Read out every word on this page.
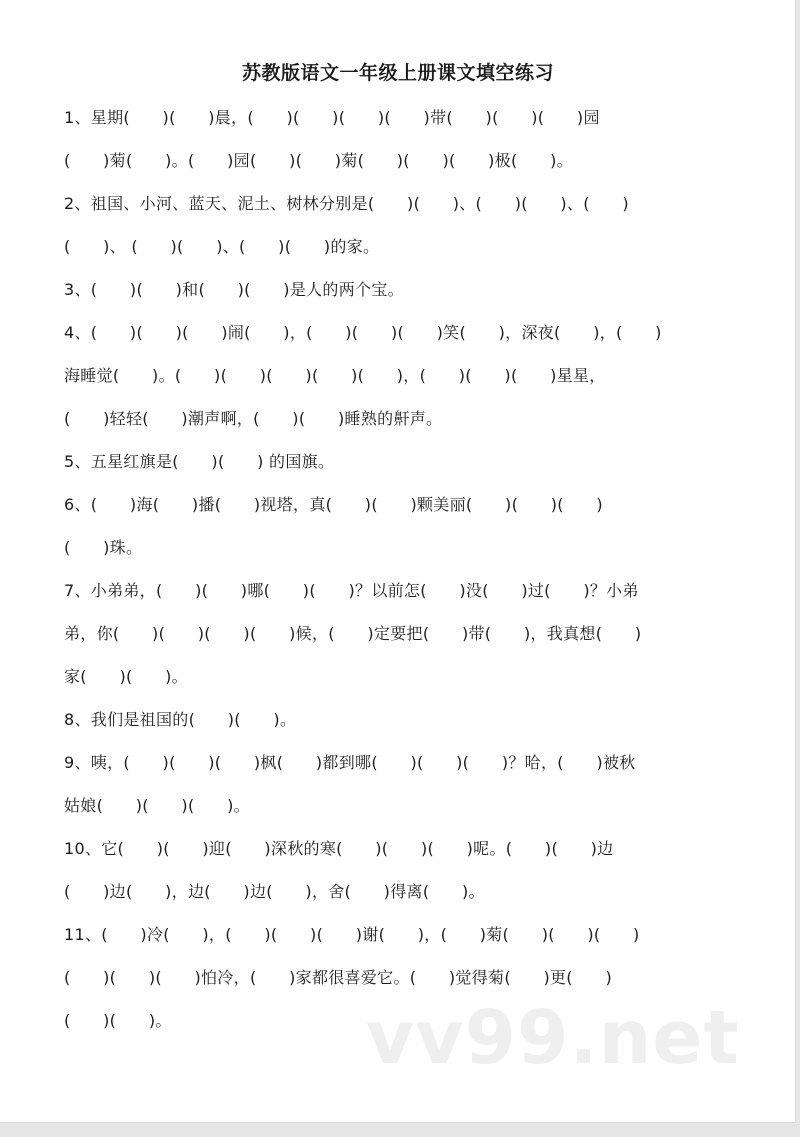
苏教版语文一年级上册课文填空练习
1、星期(　　)(　　)晨，(　　)(　　)(　　)(　　)带(　　)(　　)(　　)园
(　　)菊(　　)。(　　)园(　　)(　　)菊(　　)(　　)(　　)极(　　)。
2、祖国、小河、蓝天、泥土、树林分别是(　　)(　　)、(　　)(　　)、(　　)
(　　)、 (　　)(　　)、(　　)(　　)的家。
3、(　　)(　　)和(　　)(　　)是人的两个宝。
4、(　　)(　　)(　　)闹(　　)，(　　)(　　)(　　)笑(　　)，深夜(　　)，(　　)
海睡觉(　　)。(　　)(　　)(　　)(　　)(　　)，(　　)(　　)(　　)星星，
(　　)轻轻(　　)潮声啊，(　　)(　　)睡熟的鼾声。
5、五星红旗是(　　)(　　) 的国旗。
6、(　　)海(　　)播(　　)视塔，真(　　)(　　)颗美丽(　　)(　　)(　　)
(　　)珠。
7、小弟弟，(　　)(　　)哪(　　)(　　)？以前怎(　　)没(　　)过(　　)？小弟
弟，你(　　)(　　)(　　)(　　)候，(　　)定要把(　　)带(　　)，我真想(　　)
家(　　)(　　)。
8、我们是祖国的(　　)(　　)。
9、咦，(　　)(　　)(　　)枫(　　)都到哪(　　)(　　)(　　)？哈，(　　)被秋
姑娘(　　)(　　)(　　)。
10、它(　　)(　　)迎(　　)深秋的寒(　　)(　　)(　　)呢。(　　)(　　)边
(　　)边(　　)，边(　　)边(　　)，舍(　　)得离(　　)。
11、(　　)冷(　　)，(　　)(　　)(　　)谢(　　)，(　　)菊(　　)(　　)(　　)
(　　)(　　)(　　)怕冷，(　　)家都很喜爱它。(　　)觉得菊(　　)更(　　)
(　　)(　　)。	vv99.net
